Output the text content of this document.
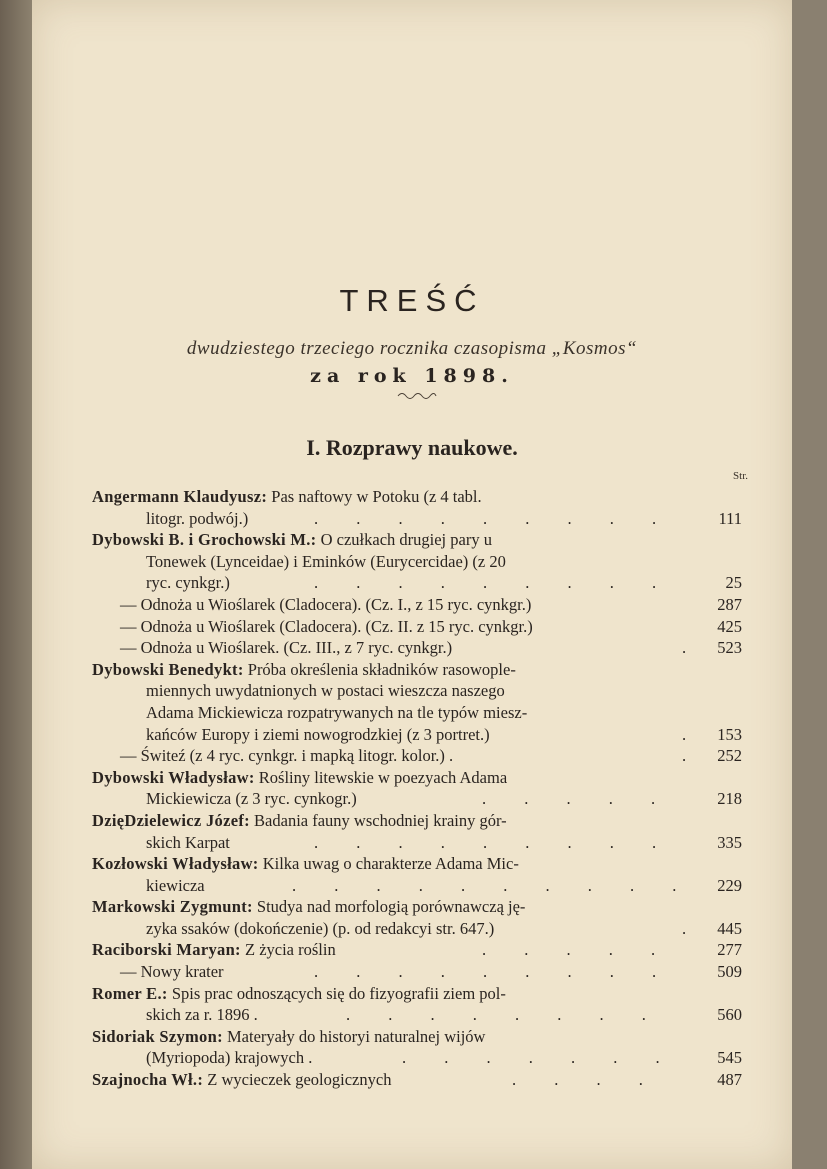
TREŚĆ
dwudziestego trzeciego rocznika czasopisma „Kosmos“
za rok 1898.
I. Rozprawy naukowe.
Str.
Angermann Klaudyusz: Pas naftowy w Potoku (z 4 tabl.
litogr. podwój.)	. . . . . . . . .	111
Dybowski B. i Grochowski M.: O czułkach drugiej pary u
Tonewek (Lynceidae) i Eminków (Eurycercidae) (z 20
ryc. cynkgr.)	. . . . . . . . .	25
— Odnoża u Wioślarek (Cladocera). (Cz. I., z 15 ryc. cynkgr.)	287
— Odnoża u Wioślarek (Cladocera). (Cz. II. z 15 ryc. cynkgr.)	425
— Odnoża u Wioślarek. (Cz. III., z 7 ryc. cynkgr.)	. 523
Dybowski Benedykt: Próba określenia składników rasowople-
miennych uwydatnionych w postaci wieszcza naszego
Adama Mickiewicza rozpatrywanych na tle typów miesz-
kańców Europy i ziemi nowogrodzkiej (z 3 portret.)	. 153
— Świteź (z 4 ryc. cynkgr. i mapką litogr. kolor.) .	. 252
Dybowski Władysław: Rośliny litewskie w poezyach Adama
Mickiewicza (z 3 ryc. cynkogr.)	. . . . .	218
DzięDzielewicz Józef: Badania fauny wschodniej krainy gór-
skich Karpat	. . . . . . . . .	335
Kozłowski Władysław: Kilka uwag o charakterze Adama Mic-
kiewicza	. . . . . . . . . . 229
Markowski Zygmunt: Studya nad morfologią porównawczą ję-
zyka ssaków (dokończenie) (p. od redakcyi str. 647.)	. 445
Raciborski Maryan: Z życia roślin	. . . . .	277
— Nowy krater	. . . . . . . . .	509
Romer E.: Spis prac odnoszących się do fizyografii ziem pol-
skich za r. 1896 .	. . . . . . . .	560
Sidoriak Szymon: Materyały do historyi naturalnej wijów
(Myriopoda) krajowych .	. . . . . . . 545
Szajnocha Wł.: Z wycieczek geologicznych	. . . .	487
